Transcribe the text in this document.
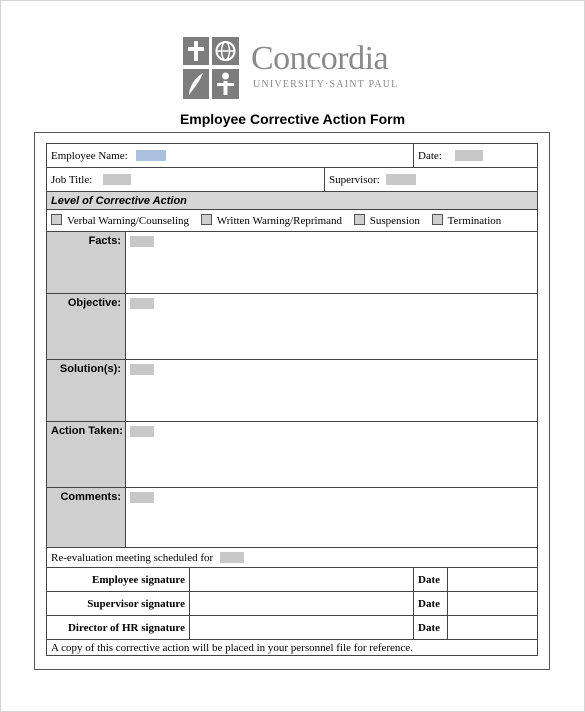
Concordia
UNIVERSITY·SAINT PAUL
Employee Corrective Action Form
Employee Name:				Date:	
Job Title:			Supervisor:		
Level of Corrective Action					
Verbal Warning/Counseling Written Warning/Reprimand Suspension Termination					
Facts:					
Objective:					
Solution(s):					
Action Taken:					
Comments:					
Re-evaluation meeting scheduled for					
Employee signature				Date	
Supervisor signature				Date	
Director of HR signature				Date	
A copy of this corrective action will be placed in your personnel file for reference.					
